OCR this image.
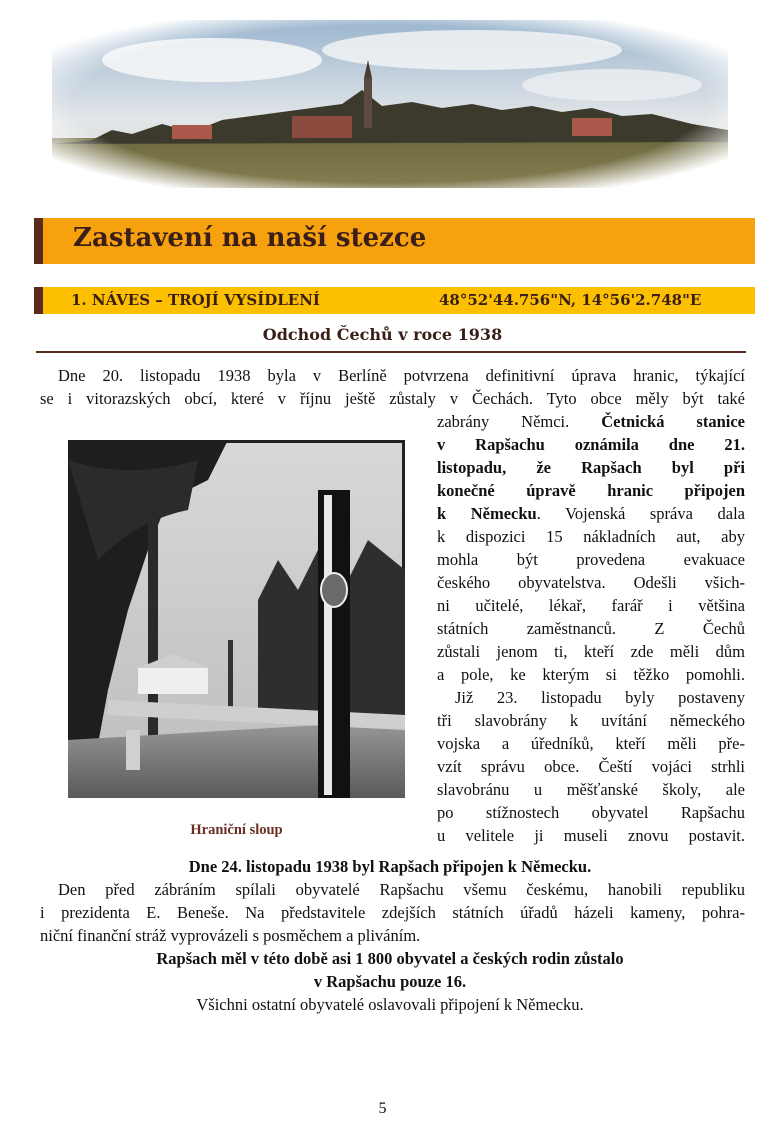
Zastavení na naší stezce
1. NÁVES – TROJÍ VYSÍDLENÍ	48°52'44.756"N, 14°56'2.748"E
Odchod Čechů v roce 1938
Dne 20. listopadu 1938 byla v Berlíně potvrzena definitivní úprava hranic, týkající
se i vitorazských obcí, které v říjnu ještě zůstaly v Čechách. Tyto obce měly být také
zabrány Němci. Četnická stanice
v Rapšachu oznámila dne 21.
listopadu, že Rapšach byl při
konečné úpravě hranic připojen
k Německu. Vojenská správa dala
k dispozici 15 nákladních aut, aby
mohla být provedena evakuace
českého obyvatelstva. Odešli všich-
ni učitelé, lékař, farář i většina
státních zaměstnanců. Z Čechů
zůstali jenom ti, kteří zde měli dům
a pole, ke kterým si těžko pomohli.
Již 23. listopadu byly postaveny
tři slavobrány k uvítání německého
vojska a úředníků, kteří měli pře-
vzít správu obce. Čeští vojáci strhli
slavobránu u měšťanské školy, ale
po stížnostech obyvatel Rapšachu
u velitele ji museli znovu postavit.
Hraniční sloup
Dne 24. listopadu 1938 byl Rapšach připojen k Německu.
Den před zábráním spílali obyvatelé Rapšachu všemu českému, hanobili republiku
i prezidenta E. Beneše. Na představitele zdejších státních úřadů házeli kameny, pohra-
niční finanční stráž vyprovázeli s posměchem a pliváním.
Rapšach měl v této době asi 1 800 obyvatel a českých rodin zůstalo
v Rapšachu pouze 16.
Všichni ostatní obyvatelé oslavovali připojení k Německu.
5
